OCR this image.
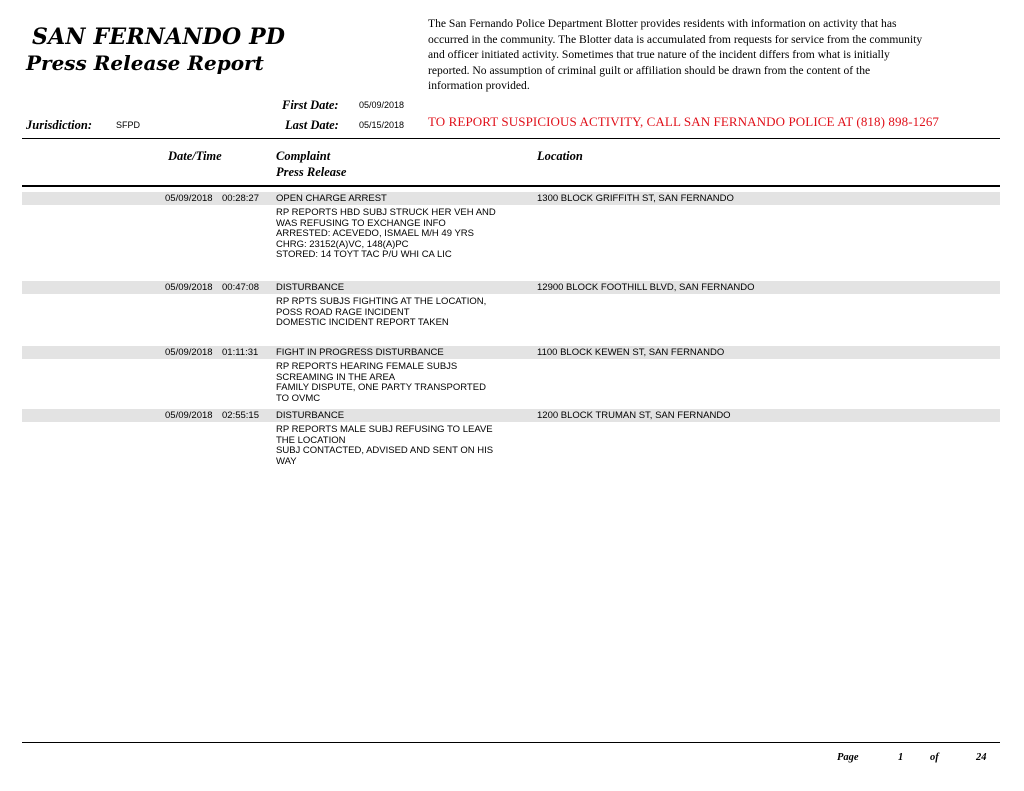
SAN FERNANDO PD
Press Release Report
The San Fernando Police Department Blotter provides residents with information on activity that has
occurred in the community. The Blotter data is accumulated from requests for service from the community
and officer initiated activity. Sometimes that true nature of the incident differs from what is initially
reported. No assumption of criminal guilt or affiliation should be drawn from the content of the
information provided.
First Date: 05/09/2018
Jurisdiction:	SFPD	Last Date: 05/15/2018 TO REPORT SUSPICIOUS ACTIVITY, CALL SAN FERNANDO POLICE AT (818) 898-1267
Date/Time	Complaint
Press Release
Location
05/09/2018 00:28:27 OPEN CHARGE ARREST	1300 BLOCK GRIFFITH ST, SAN FERNANDO
RP REPORTS HBD SUBJ STRUCK HER VEH AND
WAS REFUSING TO EXCHANGE INFO
ARRESTED: ACEVEDO, ISMAEL M/H 49 YRS
CHRG: 23152(A)VC, 148(A)PC
STORED: 14 TOYT TAC P/U WHI CA LIC
05/09/2018 00:47:08 DISTURBANCE	12900 BLOCK FOOTHILL BLVD, SAN FERNANDO
RP RPTS SUBJS FIGHTING AT THE LOCATION,
POSS ROAD RAGE INCIDENT
DOMESTIC INCIDENT REPORT TAKEN
05/09/2018 01:11:31 FIGHT IN PROGRESS DISTURBANCE	1100 BLOCK KEWEN ST, SAN FERNANDO
RP REPORTS HEARING FEMALE SUBJS
SCREAMING IN THE AREA
FAMILY DISPUTE, ONE PARTY TRANSPORTED
TO OVMC
05/09/2018 02:55:15 DISTURBANCE	1200 BLOCK TRUMAN ST, SAN FERNANDO
RP REPORTS MALE SUBJ REFUSING TO LEAVE
THE LOCATION
SUBJ CONTACTED, ADVISED AND SENT ON HIS
WAY
Page	1	of	24
